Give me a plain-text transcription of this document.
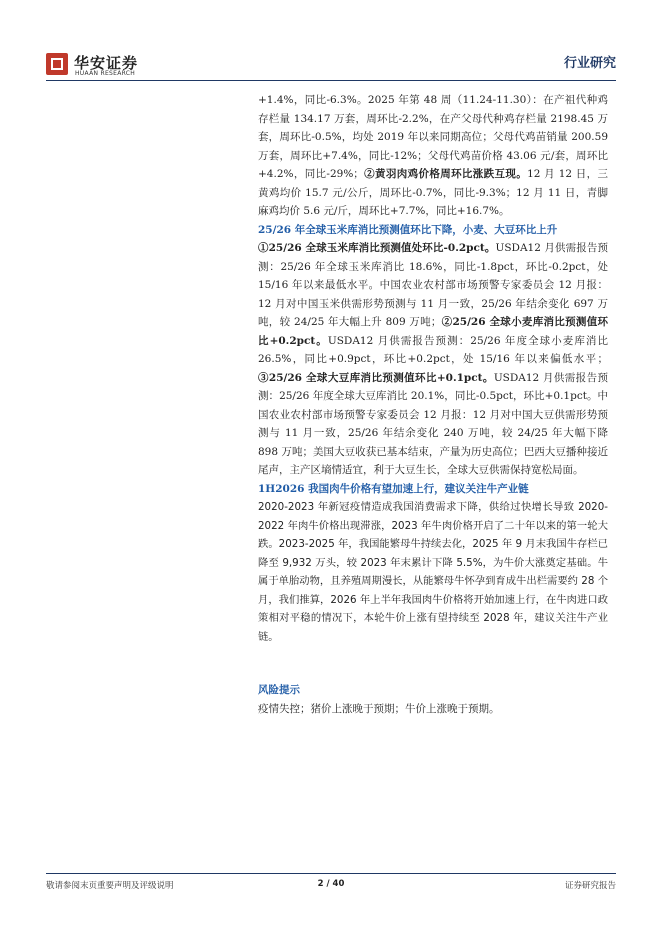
华安证券
HUAAN RESEARCH
行业研究

+1.4%，同比-6.3%。2025 年第 48 周（11.24-11.30）：在产祖代种鸡存栏量 134.17 万套，周环比-2.2%，在产父母代种鸡存栏量 2198.45 万套，周环比-0.5%，均处 2019 年以来同期高位；父母代鸡苗销量 200.59 万套，周环比+7.4%，同比-12%；父母代鸡苗价格 43.06 元/套，周环比+4.2%，同比-29%；②黄羽肉鸡价格周环比涨跌互现。12 月 12 日，三黄鸡均价 15.7 元/公斤，周环比-0.7%，同比-9.3%；12 月 11 日，青脚麻鸡均价 5.6 元/斤，周环比+7.7%，同比+16.7%。

25/26 年全球玉米库消比预测值环比下降，小麦、大豆环比上升

①25/26 全球玉米库消比预测值处环比-0.2pct。USDA12 月供需报告预测：25/26 年全球玉米库消比 18.6%，同比-1.8pct，环比-0.2pct，处 15/16 年以来最低水平。中国农业农村部市场预警专家委员会 12 月报：12 月对中国玉米供需形势预测与 11 月一致，25/26 年结余变化 697 万吨，较 24/25 年大幅上升 809 万吨；②25/26 全球小麦库消比预测值环比+0.2pct。USDA12 月供需报告预测：25/26 年度全球小麦库消比 26.5%，同比+0.9pct，环比+0.2pct，处 15/16 年以来偏低水平；③25/26 全球大豆库消比预测值环比+0.1pct。USDA12 月供需报告预测：25/26 年度全球大豆库消比 20.1%，同比-0.5pct，环比+0.1pct。中国农业农村部市场预警专家委员会 12 月报：12 月对中国大豆供需形势预测与 11 月一致，25/26 年结余变化 240 万吨，较 24/25 年大幅下降 898 万吨；美国大豆收获已基本结束，产量为历史高位；巴西大豆播种接近尾声，主产区墒情适宜，利于大豆生长，全球大豆供需保持宽松局面。

1H2026 我国肉牛价格有望加速上行，建议关注牛产业链

2020-2023 年新冠疫情造成我国消费需求下降，供给过快增长导致 2020-2022 年肉牛价格出现滞涨，2023 年牛肉价格开启了二十年以来的第一轮大跌。2023-2025 年，我国能繁母牛持续去化，2025 年 9 月末我国牛存栏已降至 9,932 万头，较 2023 年末累计下降 5.5%，为牛价大涨奠定基础。牛属于单胎动物，且养殖周期漫长，从能繁母牛怀孕到育成牛出栏需要约 28 个月，我们推算，2026 年上半年我国肉牛价格将开始加速上行，在牛肉进口政策相对平稳的情况下，本轮牛价上涨有望持续至 2028 年，建议关注牛产业链。

风险提示

疫情失控；猪价上涨晚于预期；牛价上涨晚于预期。

敬请参阅末页重要声明及评级说明	2 / 40	证券研究报告
